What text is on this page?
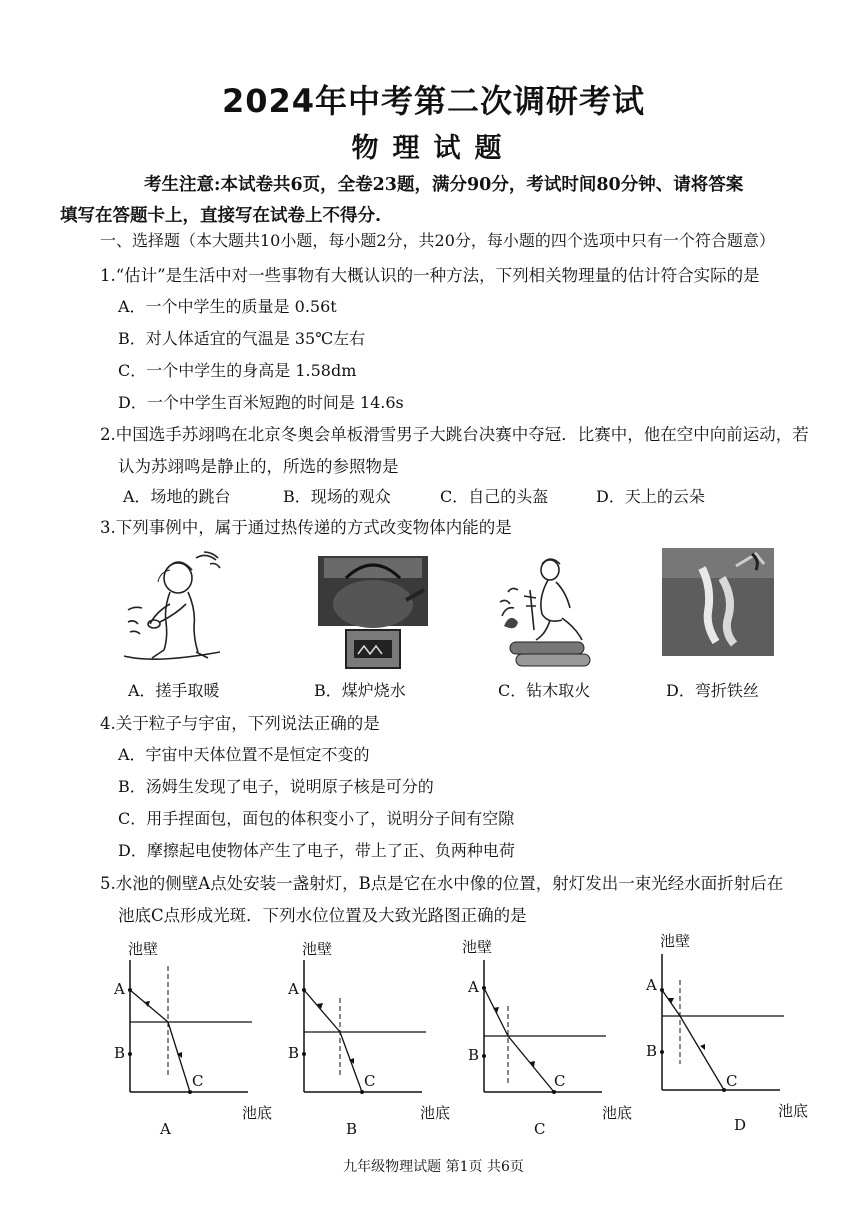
2024年中考第二次调研考试
物理试题
考生注意:本试卷共6页，全卷23题，满分90分，考试时间80分钟、请将答案
填写在答题卡上，直接写在试卷上不得分.
一、选择题（本大题共10小题，每小题2分，共20分，每小题的四个选项中只有一个符合题意）
1.“估计”是生活中对一些事物有大概认识的一种方法，下列相关物理量的估计符合实际的是
A．一个中学生的质量是 0.56t
B．对人体适宜的气温是 35℃左右
C．一个中学生的身高是 1.58dm
D．一个中学生百米短跑的时间是 14.6s
2.中国选手苏翊鸣在北京冬奥会单板滑雪男子大跳台决赛中夺冠．比赛中，他在空中向前运动，若
认为苏翊鸣是静止的，所选的参照物是
A．场地的跳台	B．现场的观众	C．自己的头盔	D．天上的云朵
3.下列事例中，属于通过热传递的方式改变物体内能的是
A．搓手取暖	B．煤炉烧水	C．钻木取火	D．弯折铁丝
4.关于粒子与宇宙，下列说法正确的是
A．宇宙中天体位置不是恒定不变的
B．汤姆生发现了电子，说明原子核是可分的
C．用手捏面包，面包的体积变小了，说明分子间有空隙
D．摩擦起电使物体产生了电子，带上了正、负两种电荷
5.水池的侧壁A点处安装一盏射灯，B点是它在水中像的位置，射灯发出一束光经水面折射后在
池底C点形成光斑．下列水位位置及大致光路图正确的是
池壁
池底
A
B
C
A
池壁
池底
A
B
C
B
池壁
池底
A
B
C
C
池壁
池底
A
B
C
D
九年级物理试题 第1页 共6页
